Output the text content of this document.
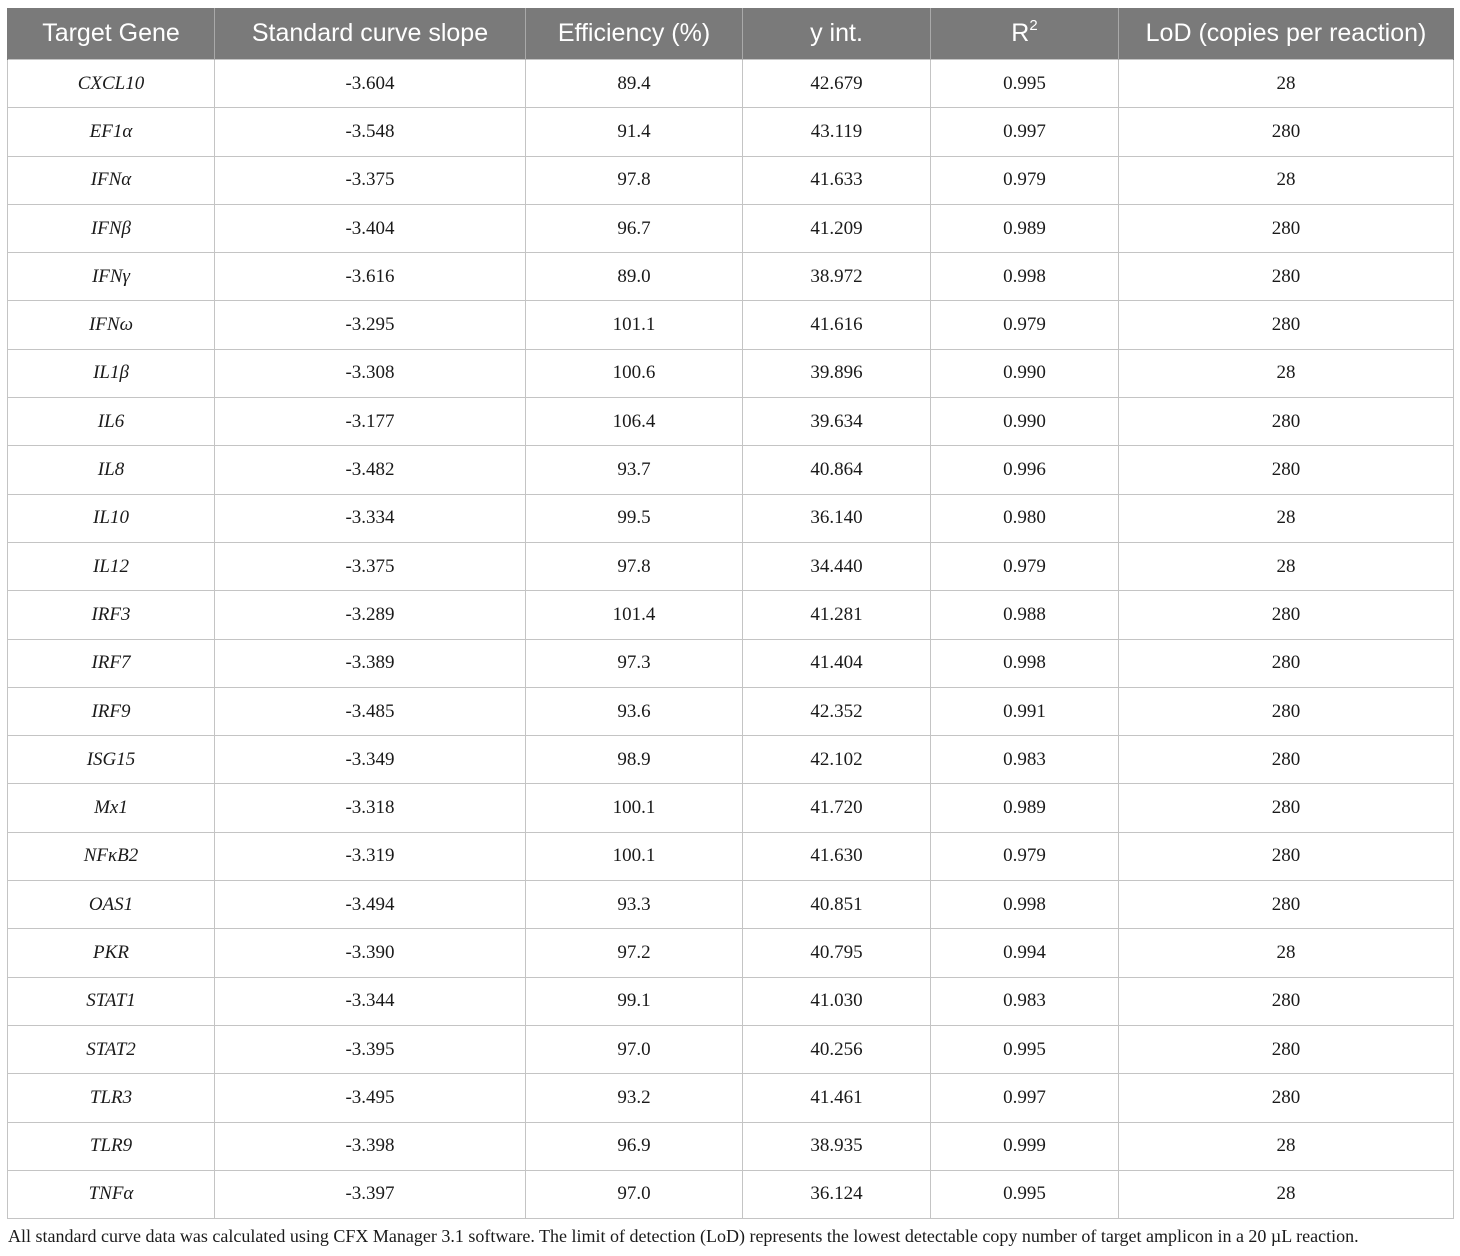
Target Gene	Standard curve slope	Efficiency (%)	y int.	$R^2$	LoD (copies per reaction)
CXCL10	-3.604	89.4	42.679	0.995	28
EF1α	-3.548	91.4	43.119	0.997	280
IFNα	-3.375	97.8	41.633	0.979	28
IFNβ	-3.404	96.7	41.209	0.989	280
IFNγ	-3.616	89.0	38.972	0.998	280
IFNω	-3.295	101.1	41.616	0.979	280
IL1β	-3.308	100.6	39.896	0.990	28
IL6	-3.177	106.4	39.634	0.990	280
IL8	-3.482	93.7	40.864	0.996	280
IL10	-3.334	99.5	36.140	0.980	28
IL12	-3.375	97.8	34.440	0.979	28
IRF3	-3.289	101.4	41.281	0.988	280
IRF7	-3.389	97.3	41.404	0.998	280
IRF9	-3.485	93.6	42.352	0.991	280
ISG15	-3.349	98.9	42.102	0.983	280
Mx1	-3.318	100.1	41.720	0.989	280
NFκB2	-3.319	100.1	41.630	0.979	280
OAS1	-3.494	93.3	40.851	0.998	280
PKR	-3.390	97.2	40.795	0.994	28
STAT1	-3.344	99.1	41.030	0.983	280
STAT2	-3.395	97.0	40.256	0.995	280
TLR3	-3.495	93.2	41.461	0.997	280
TLR9	-3.398	96.9	38.935	0.999	28
TNFα	-3.397	97.0	36.124	0.995	28
All standard curve data was calculated using CFX Manager 3.1 software. The limit of detection (LoD) represents the lowest detectable copy number of target amplicon in a 20 µL reaction.
